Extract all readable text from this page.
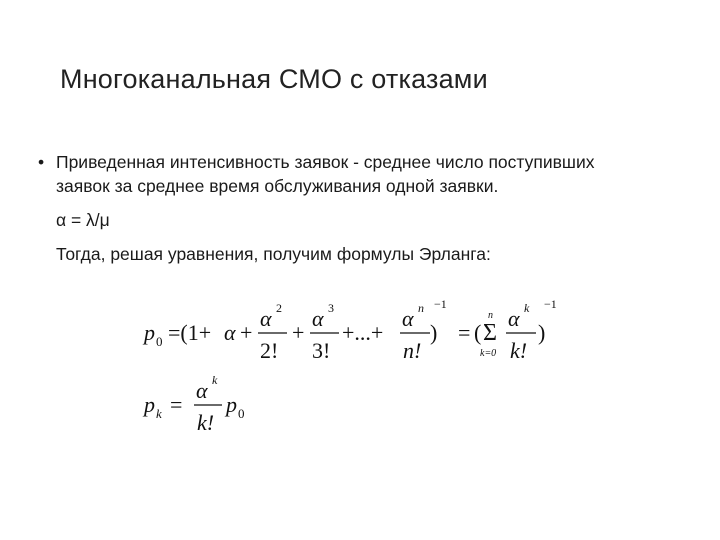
Многоканальная СМО с отказами
• Приведенная интенсивность заявок - среднее число поступивших
заявок за среднее время обслуживания одной заявки.
α = λ/μ
Тогда, решая уравнения, получим формулы Эрланга:
p 0 =(1+ α +
α 2
2!
+
α 3
3!
+...+
α n
n!
)
−1
= ( Σ
n
k=0
α k
k!
)
−1
p k =
α k
k!
p 0
